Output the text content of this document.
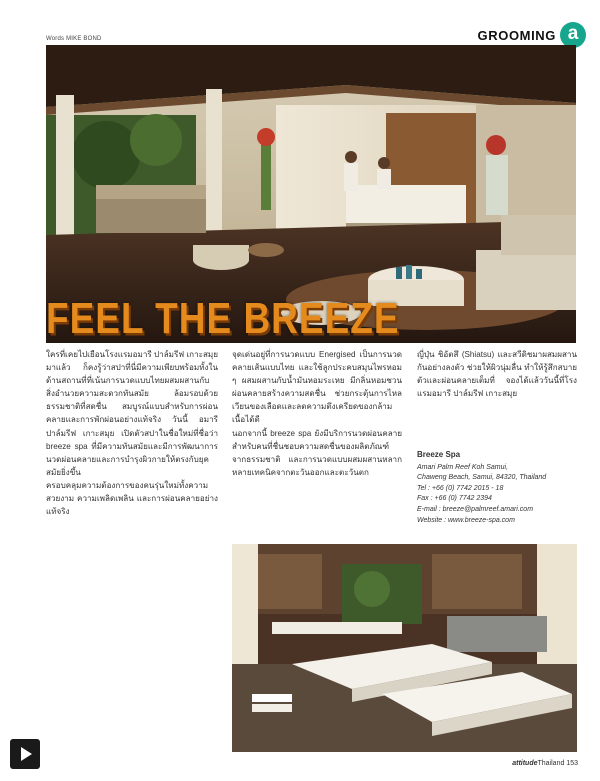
Words MIKE BOND	GROOMING a
FEEL THE BREEZE

ใครที่เคยไปเยือนโรงแรมอมารี ปาล์มรีฟ เกาะสมุย มาแล้ว ก็คงรู้ว่าสปาที่นี่มีความเพียบพร้อมทั้งในด้านสถานที่ที่เน้นการนวดแบบไทยผสมผสานกับสิ่งอำนวยความสะดวกทันสมัย ล้อมรอบด้วยธรรมชาติที่สดชื่น สมบูรณ์แบบสำหรับการผ่อนคลายและการพักผ่อนอย่างแท้จริง วันนี้ อมารี ปาล์มรีฟ เกาะสมุย เปิดตัวสปาในชื่อใหม่ที่ชื่อว่า breeze spa ที่มีความทันสมัยและมีการพัฒนาการนวดผ่อนคลายและการบำรุงผิวกายให้ตรงกับยุคสมัยยิ่งขึ้น

ครอบคลุมความต้องการของคนรุ่นใหม่ทั้งความสวยงาม ความเพลิดเพลิน และการผ่อนคลายอย่างแท้จริง

จุดเด่นอยู่ที่การนวดแบบ Energised เป็นการนวดคลายเส้นแบบไทย และใช้ลูกประคบสมุนไพรหอม ๆ ผสมผสานกับน้ำมันหอมระเหย มีกลิ่นหอมชวนผ่อนคลายสร้างความสดชื่น ช่วยกระตุ้นการไหลเวียนของเลือดและลดความตึงเครียดของกล้ามเนื้อได้ดี

นอกจากนี้ breeze spa ยังมีบริการนวดผ่อนคลายสำหรับคนที่ชื่นชอบความสดชื่นของผลิตภัณฑ์จากธรรมชาติ และการนวดแบบผสมผสานหลากหลายเทคนิคจากตะวันออกและตะวันตก

ญี่ปุ่น ชิอัตสึ (Shiatsu) และสวีดิชมาผสมผสานกันอย่างลงตัว ช่วยให้ผิวนุ่มลื่น ทำให้รู้สึกสบายตัวและผ่อนคลายเต็มที่ จองได้แล้ววันนี้ที่โรงแรมอมารี ปาล์มรีฟ เกาะสมุย

Breeze Spa
Amari Palm Reef Koh Samui,
Chaweng Beach, Samui, 84320, Thailand
Tel : +66 (0) 7742 2015 - 18
Fax : +66 (0) 7742 2394
E-mail : breeze@palmreef.amari.com
Website : www.breeze-spa.com
attitudeThailand 153
